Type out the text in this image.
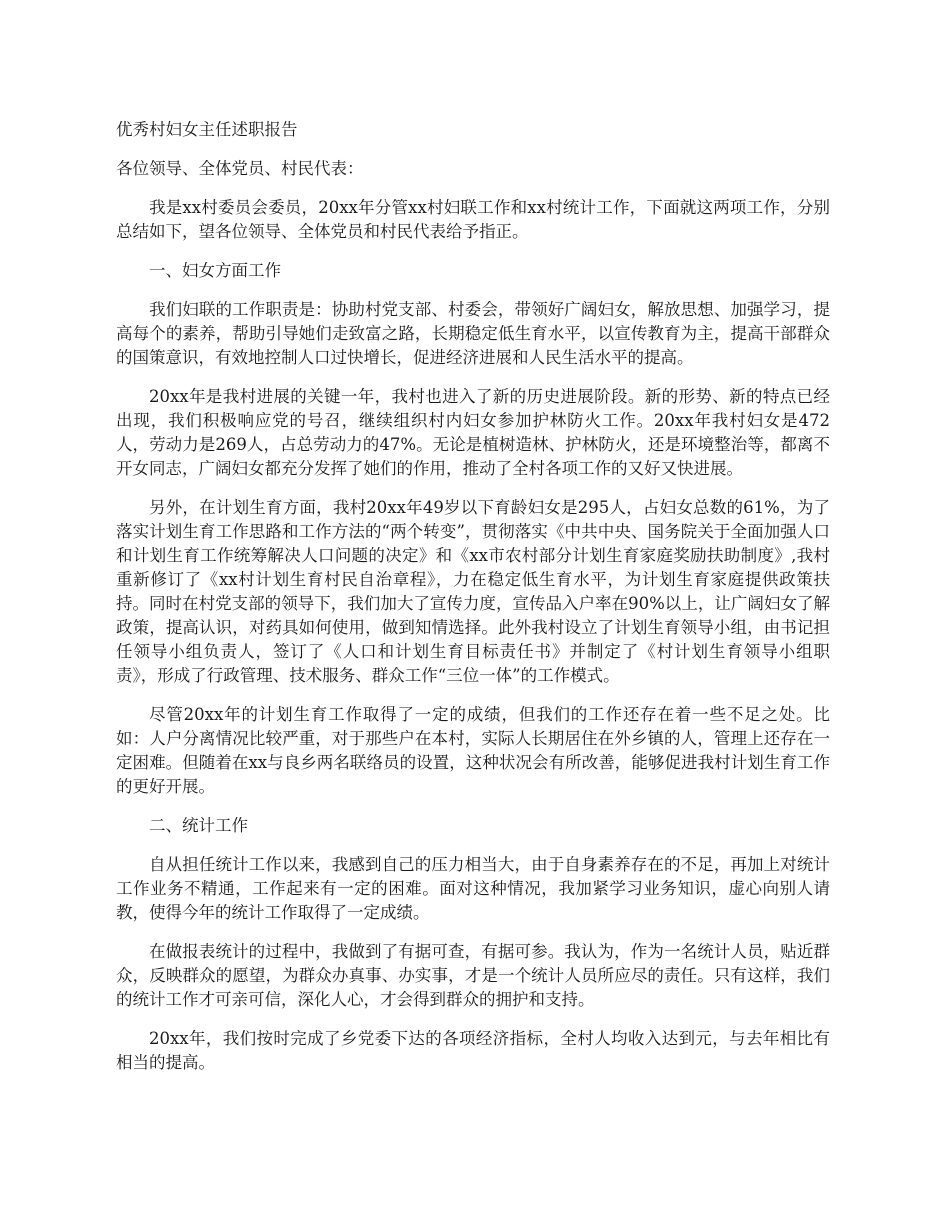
优秀村妇女主任述职报告

各位领导、全体党员、村民代表：

我是xx村委员会委员，20xx年分管xx村妇联工作和xx村统计工作，下面就这两项工作，分别总结如下，望各位领导、全体党员和村民代表给予指正。

一、妇女方面工作

我们妇联的工作职责是：协助村党支部、村委会，带领好广阔妇女，解放思想、加强学习，提高每个的素养，帮助引导她们走致富之路，长期稳定低生育水平，以宣传教育为主，提高干部群众的国策意识，有效地控制人口过快增长，促进经济进展和人民生活水平的提高。

20xx年是我村进展的关键一年，我村也进入了新的历史进展阶段。新的形势、新的特点已经出现，我们积极响应党的号召，继续组织村内妇女参加护林防火工作。20xx年我村妇女是472人，劳动力是269人，占总劳动力的47%。无论是植树造林、护林防火，还是环境整治等，都离不开女同志，广阔妇女都充分发挥了她们的作用，推动了全村各项工作的又好又快进展。

另外，在计划生育方面，我村20xx年49岁以下育龄妇女是295人，占妇女总数的61%，为了落实计划生育工作思路和工作方法的“两个转变”，贯彻落实《中共中央、国务院关于全面加强人口和计划生育工作统筹解决人口问题的决定》和《xx市农村部分计划生育家庭奖励扶助制度》,我村重新修订了《xx村计划生育村民自治章程》，力在稳定低生育水平，为计划生育家庭提供政策扶持。同时在村党支部的领导下，我们加大了宣传力度，宣传品入户率在90%以上，让广阔妇女了解政策，提高认识，对药具如何使用，做到知情选择。此外我村设立了计划生育领导小组，由书记担任领导小组负责人，签订了《人口和计划生育目标责任书》并制定了《村计划生育领导小组职责》，形成了行政管理、技术服务、群众工作“三位一体”的工作模式。

尽管20xx年的计划生育工作取得了一定的成绩，但我们的工作还存在着一些不足之处。比如：人户分离情况比较严重，对于那些户在本村，实际人长期居住在外乡镇的人，管理上还存在一定困难。但随着在xx与良乡两名联络员的设置，这种状况会有所改善，能够促进我村计划生育工作的更好开展。

二、统计工作

自从担任统计工作以来，我感到自己的压力相当大，由于自身素养存在的不足，再加上对统计工作业务不精通，工作起来有一定的困难。面对这种情况，我加紧学习业务知识，虚心向别人请教，使得今年的统计工作取得了一定成绩。

在做报表统计的过程中，我做到了有据可查，有据可参。我认为，作为一名统计人员，贴近群众，反映群众的愿望，为群众办真事、办实事，才是一个统计人员所应尽的责任。只有这样，我们的统计工作才可亲可信，深化人心，才会得到群众的拥护和支持。

20xx年，我们按时完成了乡党委下达的各项经济指标，全村人均收入达到元，与去年相比有相当的提高。
